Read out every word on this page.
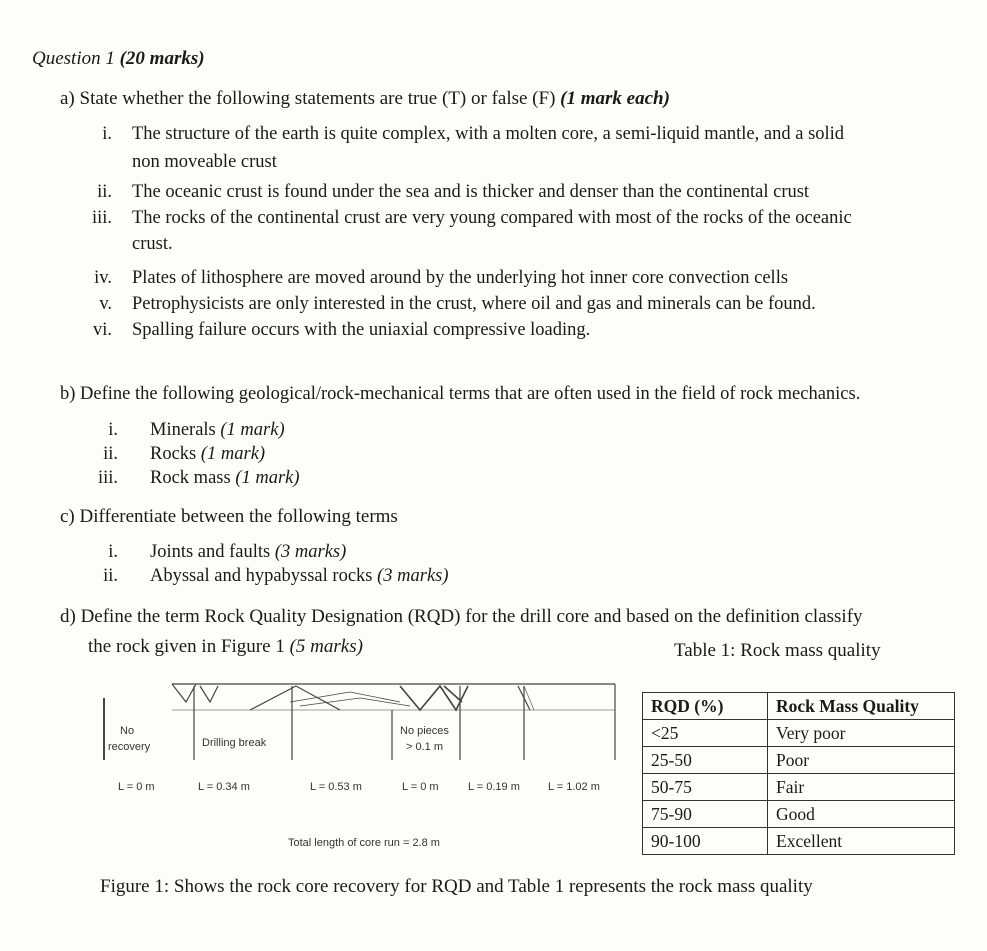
Question 1 (20 marks)
a) State whether the following statements are true (T) or false (F) (1 mark each)
i. The structure of the earth is quite complex, with a molten core, a semi-liquid mantle, and a solid
non moveable crust
ii. The oceanic crust is found under the sea and is thicker and denser than the continental crust
iii. The rocks of the continental crust are very young compared with most of the rocks of the oceanic
crust.
iv. Plates of lithosphere are moved around by the underlying hot inner core convection cells
v. Petrophysicists are only interested in the crust, where oil and gas and minerals can be found.
vi. Spalling failure occurs with the uniaxial compressive loading.
b) Define the following geological/rock-mechanical terms that are often used in the field of rock mechanics.
i. Minerals (1 mark)
ii. Rocks (1 mark)
iii. Rock mass (1 mark)
c) Differentiate between the following terms
i. Joints and faults (3 marks)
ii. Abyssal and hypabyssal rocks (3 marks)
d) Define the term Rock Quality Designation (RQD) for the drill core and based on the definition classify
the rock given in Figure 1 (5 marks)	Table 1: Rock mass quality
No
recovery	Drilling break
No pieces
> 0.1 m
L = 0 m	L = 0.34 m	L = 0.53 m	L = 0 m	L = 0.19 m	L = 1.02 m
Total length of core run = 2.8 m
RQD (%)	Rock Mass Quality
<25	Very poor
25-50	Poor
50-75	Fair
75-90	Good
90-100	Excellent
Figure 1: Shows the rock core recovery for RQD and Table 1 represents the rock mass quality
